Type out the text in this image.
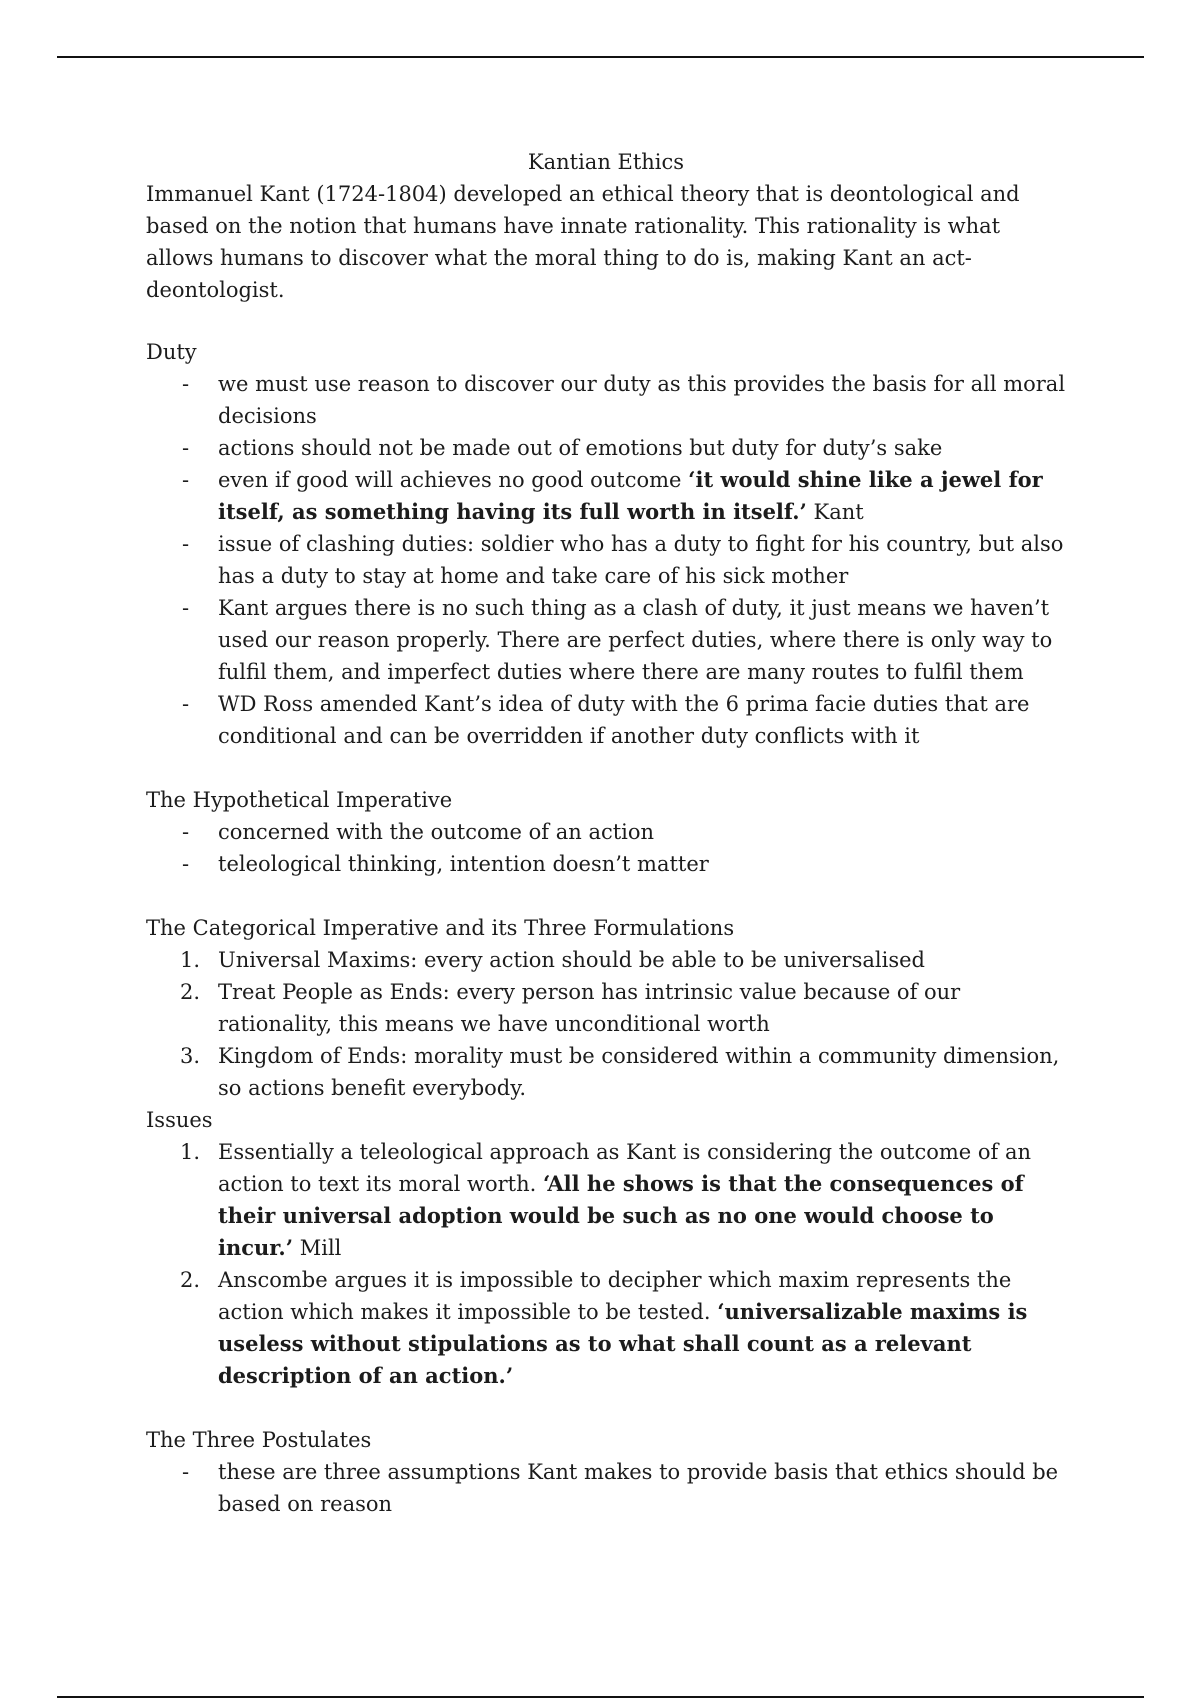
Kantian Ethics
Immanuel Kant (1724-1804) developed an ethical theory that is deontological and based on the notion that humans have innate rationality. This rationality is what allows humans to discover what the moral thing to do is, making Kant an act-deontologist.
Duty
- we must use reason to discover our duty as this provides the basis for all moral decisions
- actions should not be made out of emotions but duty for duty’s sake
- even if good will achieves no good outcome ‘it would shine like a jewel for itself, as something having its full worth in itself.’ Kant
- issue of clashing duties: soldier who has a duty to fight for his country, but also has a duty to stay at home and take care of his sick mother
- Kant argues there is no such thing as a clash of duty, it just means we haven’t used our reason properly. There are perfect duties, where there is only way to fulfil them, and imperfect duties where there are many routes to fulfil them
- WD Ross amended Kant’s idea of duty with the 6 prima facie duties that are conditional and can be overridden if another duty conflicts with it
The Hypothetical Imperative
- concerned with the outcome of an action
- teleological thinking, intention doesn’t matter
The Categorical Imperative and its Three Formulations
1. Universal Maxims: every action should be able to be universalised
2. Treat People as Ends: every person has intrinsic value because of our rationality, this means we have unconditional worth
3. Kingdom of Ends: morality must be considered within a community dimension, so actions benefit everybody.
Issues
1. Essentially a teleological approach as Kant is considering the outcome of an action to text its moral worth. ‘All he shows is that the consequences of their universal adoption would be such as no one would choose to incur.’ Mill
2. Anscombe argues it is impossible to decipher which maxim represents the action which makes it impossible to be tested. ‘universalizable maxims is useless without stipulations as to what shall count as a relevant description of an action.’
The Three Postulates
- these are three assumptions Kant makes to provide basis that ethics should be based on reason
